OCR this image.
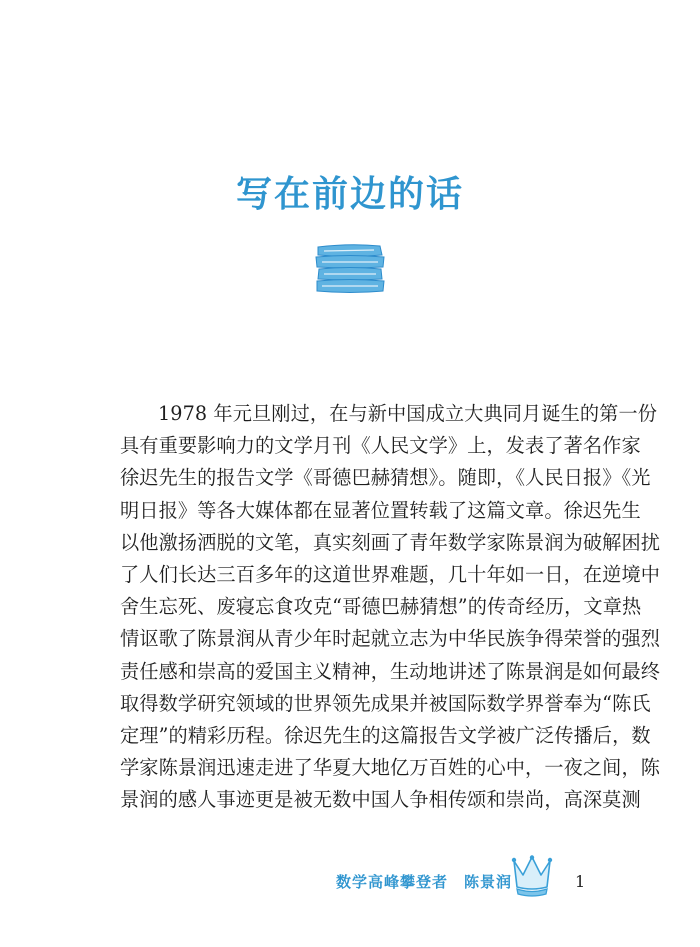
写在前边的话
1978 年元旦刚过，在与新中国成立大典同月诞生的第一份
具有重要影响力的文学月刊《人民文学》上，发表了著名作家
徐迟先生的报告文学《哥德巴赫猜想》。随即，《人民日报》《光
明日报》等各大媒体都在显著位置转载了这篇文章。徐迟先生
以他激扬洒脱的文笔，真实刻画了青年数学家陈景润为破解困扰
了人们长达三百多年的这道世界难题，几十年如一日，在逆境中
舍生忘死、废寝忘食攻克“哥德巴赫猜想”的传奇经历，文章热
情讴歌了陈景润从青少年时起就立志为中华民族争得荣誉的强烈
责任感和崇高的爱国主义精神，生动地讲述了陈景润是如何最终
取得数学研究领域的世界领先成果并被国际数学界誉奉为“陈氏
定理”的精彩历程。徐迟先生的这篇报告文学被广泛传播后，数
学家陈景润迅速走进了华夏大地亿万百姓的心中，一夜之间，陈
景润的感人事迹更是被无数中国人争相传颂和崇尚，高深莫测
数学高峰攀登者　陈景润	1
